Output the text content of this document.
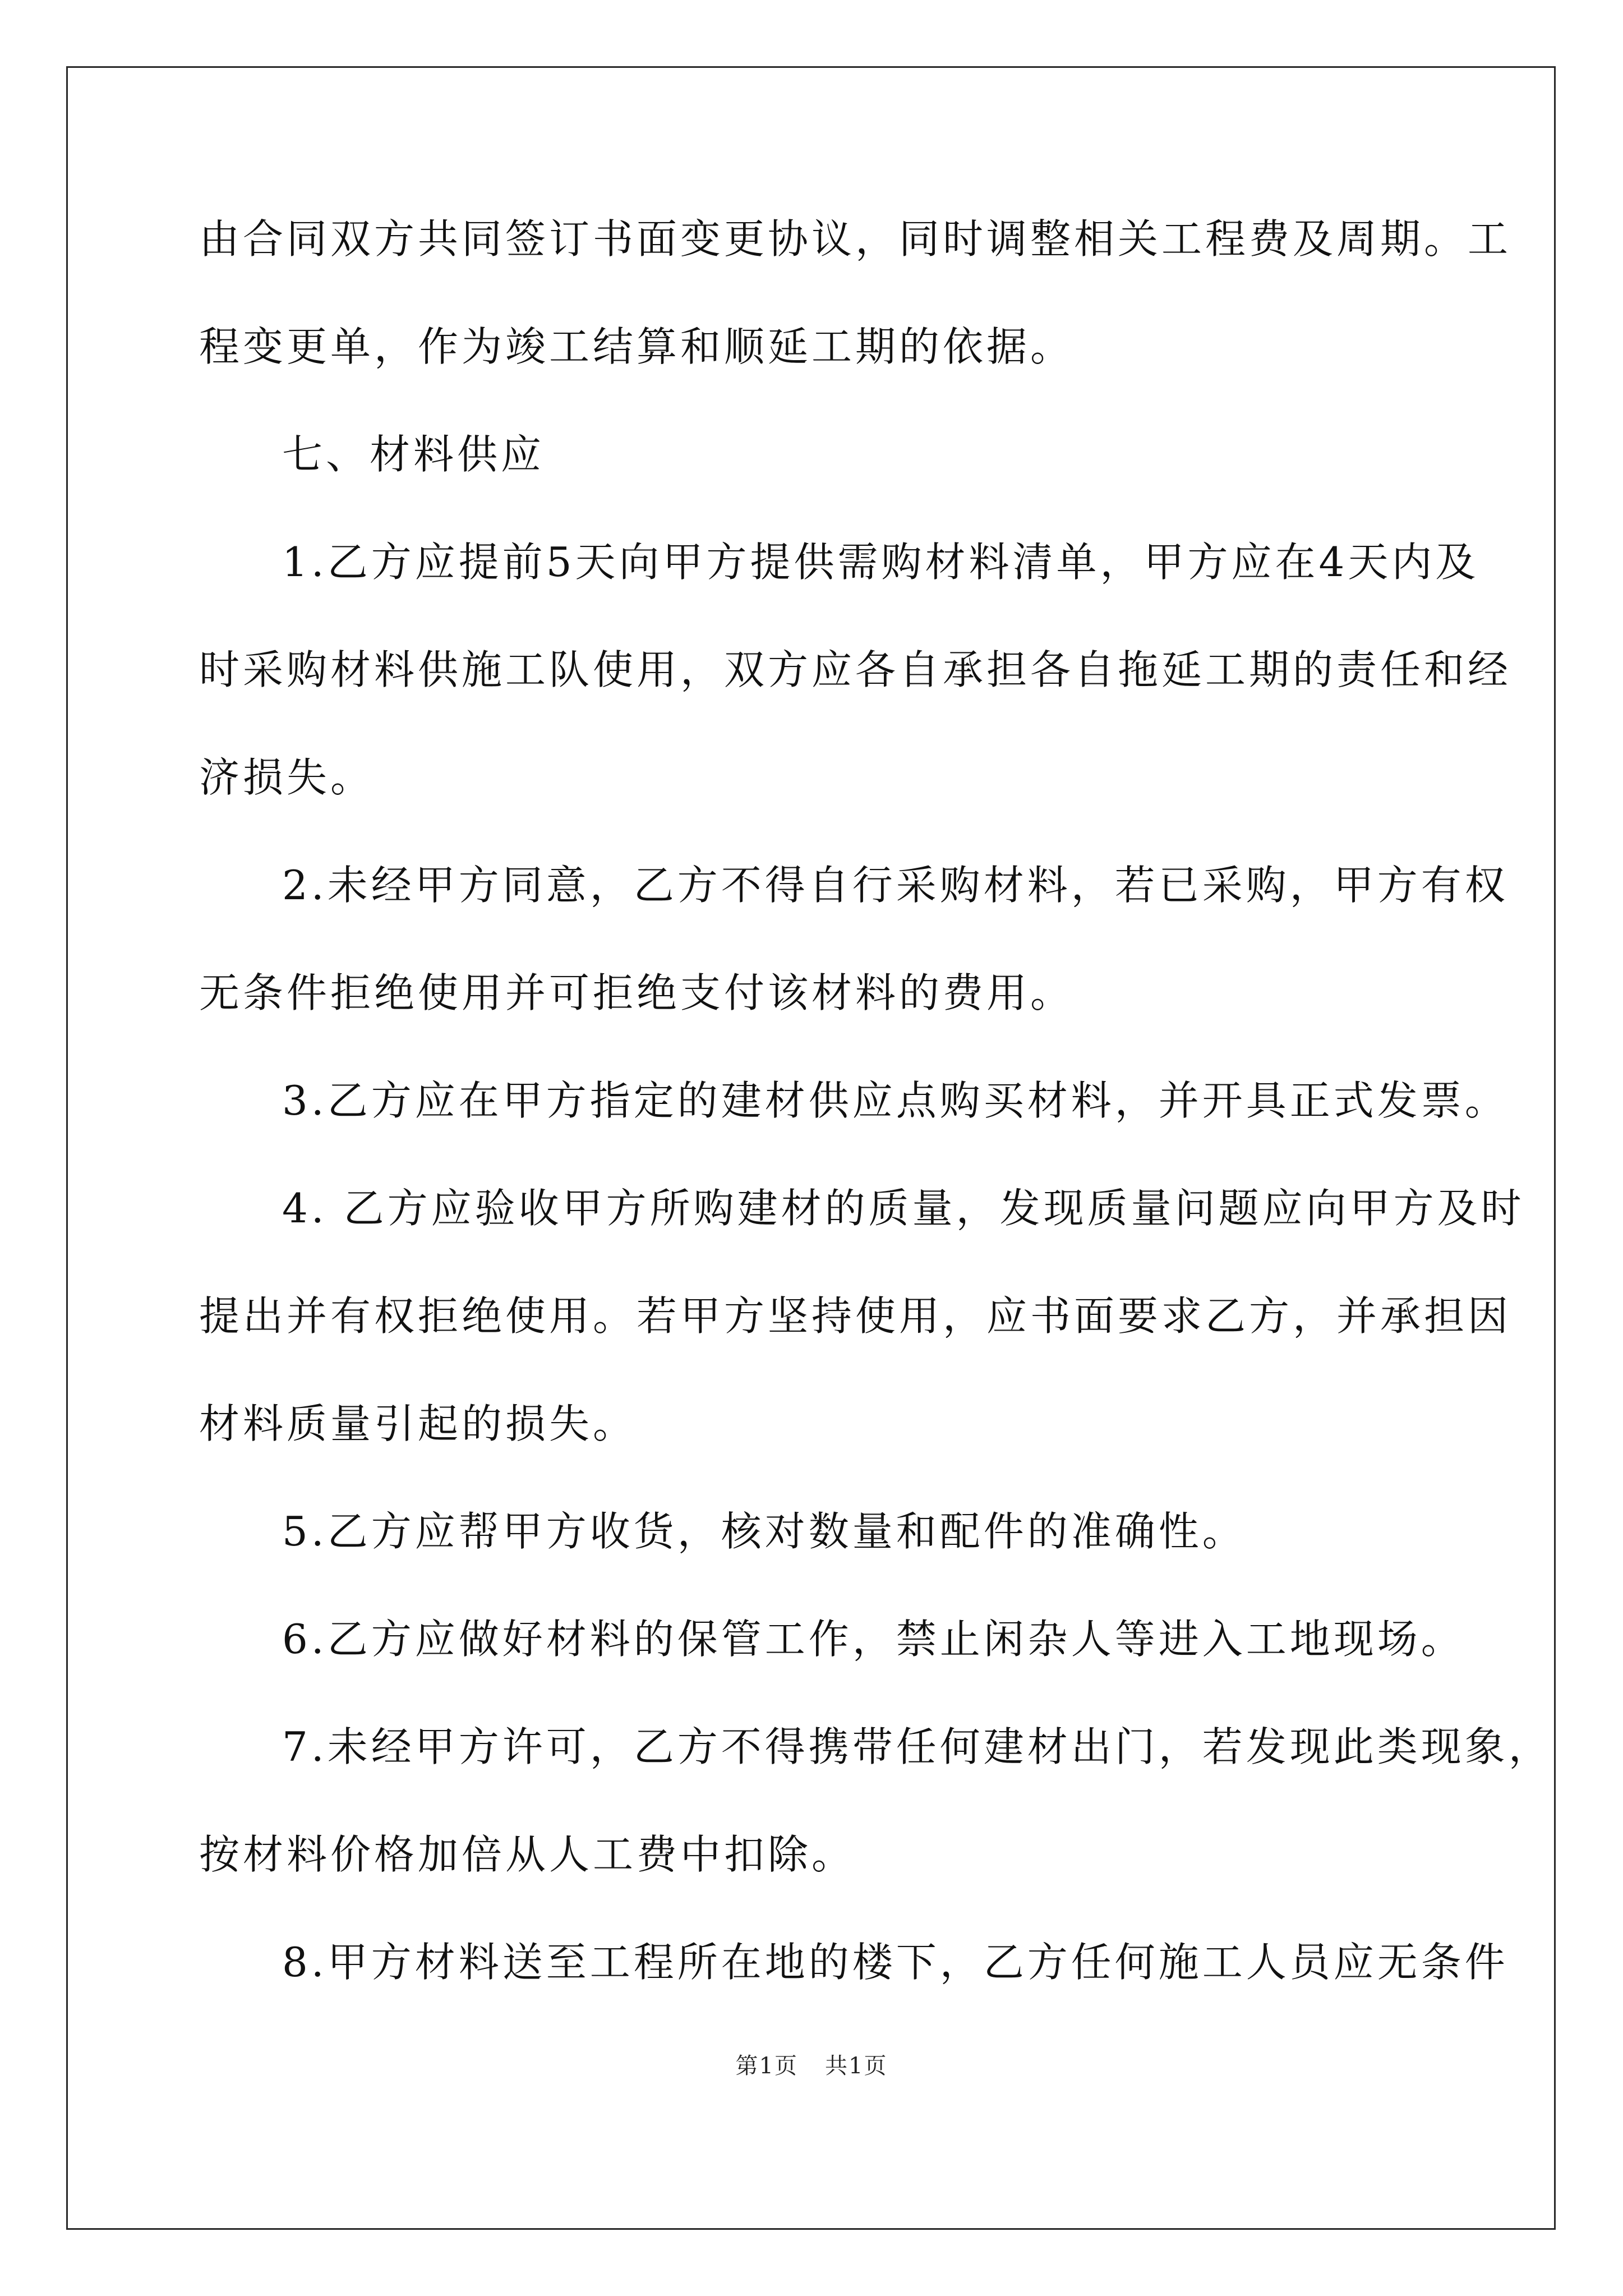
由合同双方共同签订书面变更协议，同时调整相关工程费及周期。工

程变更单，作为竣工结算和顺延工期的依据。

七、材料供应

1.乙方应提前5天向甲方提供需购材料清单，甲方应在4天内及

时采购材料供施工队使用，双方应各自承担各自拖延工期的责任和经

济损失。

2.未经甲方同意，乙方不得自行采购材料，若已采购，甲方有权

无条件拒绝使用并可拒绝支付该材料的费用。

3.乙方应在甲方指定的建材供应点购买材料，并开具正式发票。

4. 乙方应验收甲方所购建材的质量，发现质量问题应向甲方及时

提出并有权拒绝使用。若甲方坚持使用，应书面要求乙方，并承担因

材料质量引起的损失。

5.乙方应帮甲方收货，核对数量和配件的准确性。

6.乙方应做好材料的保管工作，禁止闲杂人等进入工地现场。

7.未经甲方许可，乙方不得携带任何建材出门，若发现此类现象，

按材料价格加倍从人工费中扣除。

8.甲方材料送至工程所在地的楼下，乙方任何施工人员应无条件

第1页 共1页
